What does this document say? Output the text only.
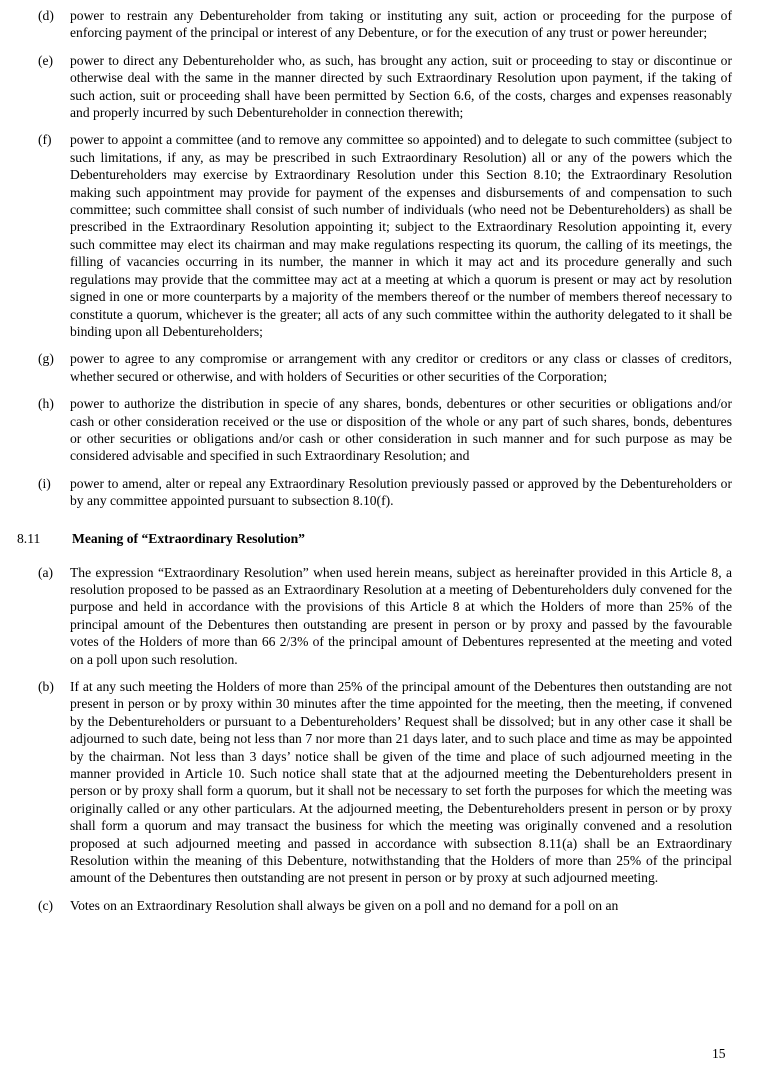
(d) power to restrain any Debentureholder from taking or instituting any suit, action or proceeding for the purpose of enforcing payment of the principal or interest of any Debenture, or for the execution of any trust or power hereunder;

(e) power to direct any Debentureholder who, as such, has brought any action, suit or proceeding to stay or discontinue or otherwise deal with the same in the manner directed by such Extraordinary Resolution upon payment, if the taking of such action, suit or proceeding shall have been permitted by Section 6.6, of the costs, charges and expenses reasonably and properly incurred by such Debentureholder in connection therewith;

(f) power to appoint a committee (and to remove any committee so appointed) and to delegate to such committee (subject to such limitations, if any, as may be prescribed in such Extraordinary Resolution) all or any of the powers which the Debentureholders may exercise by Extraordinary Resolution under this Section 8.10; the Extraordinary Resolution making such appointment may provide for payment of the expenses and disbursements of and compensation to such committee; such committee shall consist of such number of individuals (who need not be Debentureholders) as shall be prescribed in the Extraordinary Resolution appointing it; subject to the Extraordinary Resolution appointing it, every such committee may elect its chairman and may make regulations respecting its quorum, the calling of its meetings, the filling of vacancies occurring in its number, the manner in which it may act and its procedure generally and such regulations may provide that the committee may act at a meeting at which a quorum is present or may act by resolution signed in one or more counterparts by a majority of the members thereof or the number of members thereof necessary to constitute a quorum, whichever is the greater; all acts of any such committee within the authority delegated to it shall be binding upon all Debentureholders;

(g) power to agree to any compromise or arrangement with any creditor or creditors or any class or classes of creditors, whether secured or otherwise, and with holders of Securities or other securities of the Corporation;

(h) power to authorize the distribution in specie of any shares, bonds, debentures or other securities or obligations and/or cash or other consideration received or the use or disposition of the whole or any part of such shares, bonds, debentures or other securities or obligations and/or cash or other consideration in such manner and for such purpose as may be considered advisable and specified in such Extraordinary Resolution; and

(i) power to amend, alter or repeal any Extraordinary Resolution previously passed or approved by the Debentureholders or by any committee appointed pursuant to subsection 8.10(f).

8.11 Meaning of “Extraordinary Resolution”
(a) The expression “Extraordinary Resolution” when used herein means, subject as hereinafter provided in this Article 8, a resolution proposed to be passed as an Extraordinary Resolution at a meeting of Debentureholders duly convened for the purpose and held in accordance with the provisions of this Article 8 at which the Holders of more than 25% of the principal amount of the Debentures then outstanding are present in person or by proxy and passed by the favourable votes of the Holders of more than 66 2/3% of the principal amount of Debentures represented at the meeting and voted on a poll upon such resolution.

(b) If at any such meeting the Holders of more than 25% of the principal amount of the Debentures then outstanding are not present in person or by proxy within 30 minutes after the time appointed for the meeting, then the meeting, if convened by the Debentureholders or pursuant to a Debentureholders’ Request shall be dissolved; but in any other case it shall be adjourned to such date, being not less than 7 nor more than 21 days later, and to such place and time as may be appointed by the chairman. Not less than 3 days’ notice shall be given of the time and place of such adjourned meeting in the manner provided in Article 10. Such notice shall state that at the adjourned meeting the Debentureholders present in person or by proxy shall form a quorum, but it shall not be necessary to set forth the purposes for which the meeting was originally called or any other particulars. At the adjourned meeting, the Debentureholders present in person or by proxy shall form a quorum and may transact the business for which the meeting was originally convened and a resolution proposed at such adjourned meeting and passed in accordance with subsection 8.11(a) shall be an Extraordinary Resolution within the meaning of this Debenture, notwithstanding that the Holders of more than 25% of the principal amount of the Debentures then outstanding are not present in person or by proxy at such adjourned meeting.

(c) Votes on an Extraordinary Resolution shall always be given on a poll and no demand for a poll on an

15
